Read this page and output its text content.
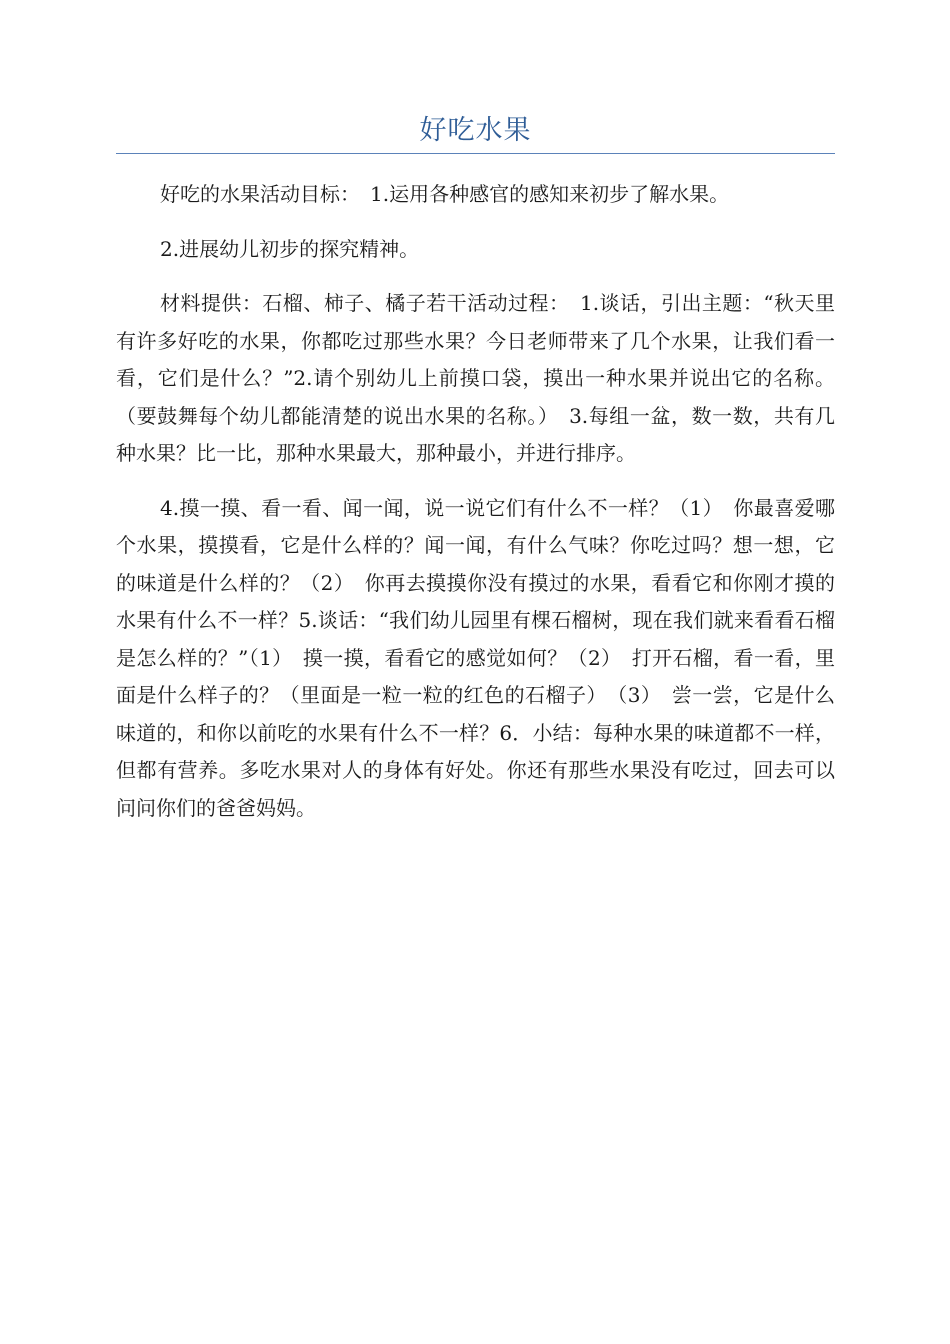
好吃水果

好吃的水果活动目标：　1.运用各种感官的感知来初步了解水果。

2.进展幼儿初步的探究精神。

材料提供：石榴、柿子、橘子若干活动过程：　1.谈话，引出主题：“秋天里有许多好吃的水果，你都吃过那些水果？今日老师带来了几个水果，让我们看一看，它们是什么？”2.请个别幼儿上前摸口袋，摸出一种水果并说出它的名称。（要鼓舞每个幼儿都能清楚的说出水果的名称。）　3.每组一盆，数一数，共有几种水果？比一比，那种水果最大，那种最小，并进行排序。

4.摸一摸、看一看、闻一闻，说一说它们有什么不一样？（1）　你最喜爱哪个水果，摸摸看，它是什么样的？闻一闻，有什么气味？你吃过吗？想一想，它的味道是什么样的？（2）　你再去摸摸你没有摸过的水果，看看它和你刚才摸的水果有什么不一样？5.谈话：“我们幼儿园里有棵石榴树，现在我们就来看看石榴是怎么样的？”（1）　摸一摸，看看它的感觉如何？（2）　打开石榴，看一看，里面是什么样子的？（里面是一粒一粒的红色的石榴子）　（3）　尝一尝，它是什么味道的，和你以前吃的水果有什么不一样？6．小结：每种水果的味道都不一样，但都有营养。多吃水果对人的身体有好处。你还有那些水果没有吃过，回去可以问问你们的爸爸妈妈。
